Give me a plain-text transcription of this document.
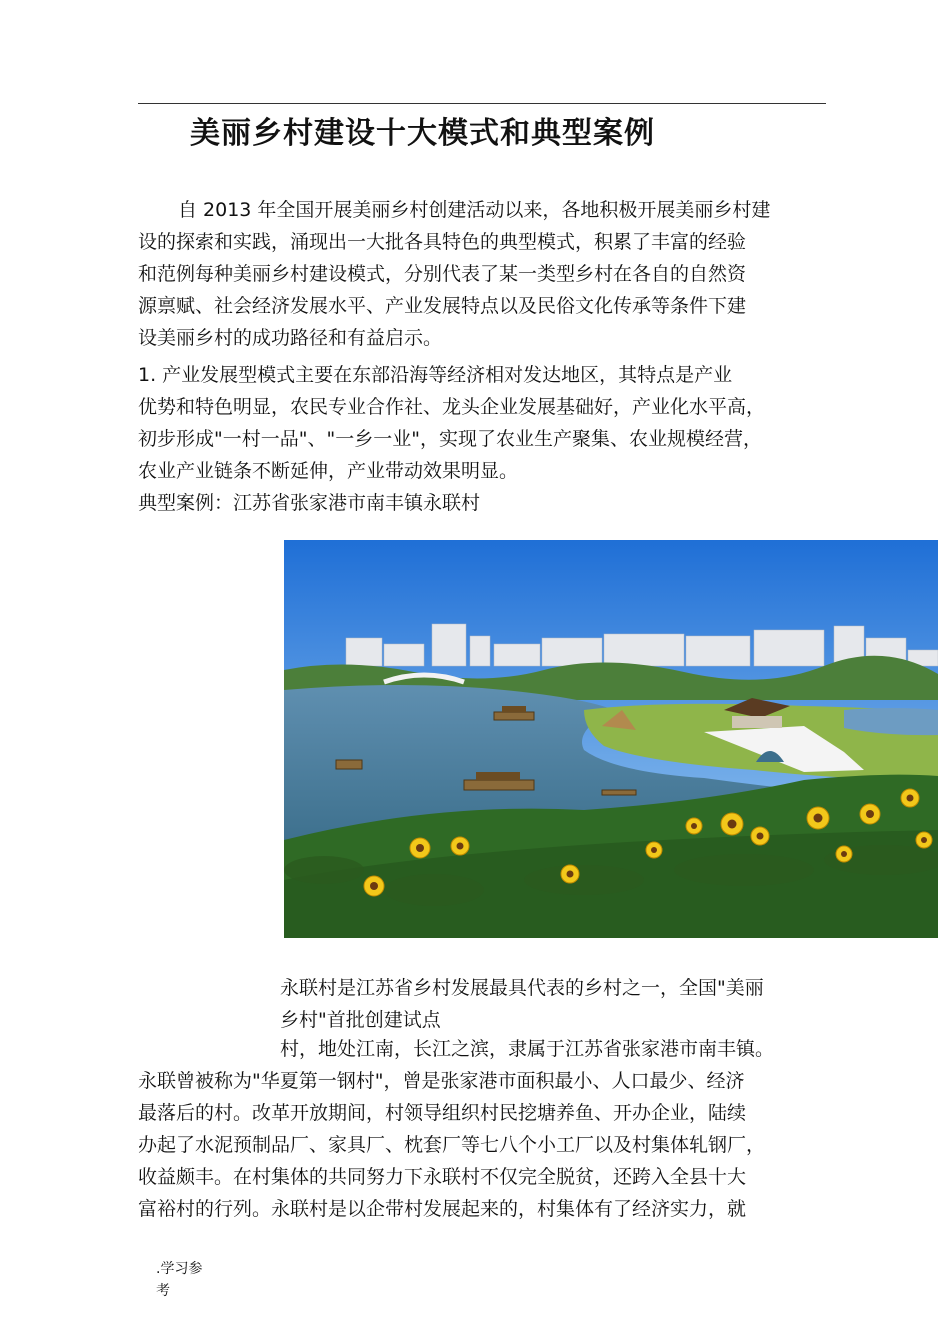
美丽乡村建设十大模式和典型案例
自 2013 年全国开展美丽乡村创建活动以来，各地积极开展美丽乡村建
设的探索和实践，涌现出一大批各具特色的典型模式，积累了丰富的经验
和范例每种美丽乡村建设模式，分别代表了某一类型乡村在各自的自然资
源禀赋、社会经济发展水平、产业发展特点以及民俗文化传承等条件下建
设美丽乡村的成功路径和有益启示。
1. 产业发展型模式主要在东部沿海等经济相对发达地区，其特点是产业
优势和特色明显，农民专业合作社、龙头企业发展基础好，产业化水平高，
初步形成"一村一品"、"一乡一业"，实现了农业生产聚集、农业规模经营，
农业产业链条不断延伸，产业带动效果明显。
典型案例：江苏省张家港市南丰镇永联村
永联村是江苏省乡村发展最具代表的乡村之一，全国"美丽
乡村"首批创建试点
村，地处江南，长江之滨，隶属于江苏省张家港市南丰镇。
永联曾被称为"华夏第一钢村"，曾是张家港市面积最小、人口最少、经济
最落后的村。改革开放期间，村领导组织村民挖塘养鱼、开办企业，陆续
办起了水泥预制品厂、家具厂、枕套厂等七八个小工厂以及村集体轧钢厂，
收益颇丰。在村集体的共同努力下永联村不仅完全脱贫，还跨入全县十大
富裕村的行列。永联村是以企带村发展起来的，村集体有了经济实力，就
.学习参
考
